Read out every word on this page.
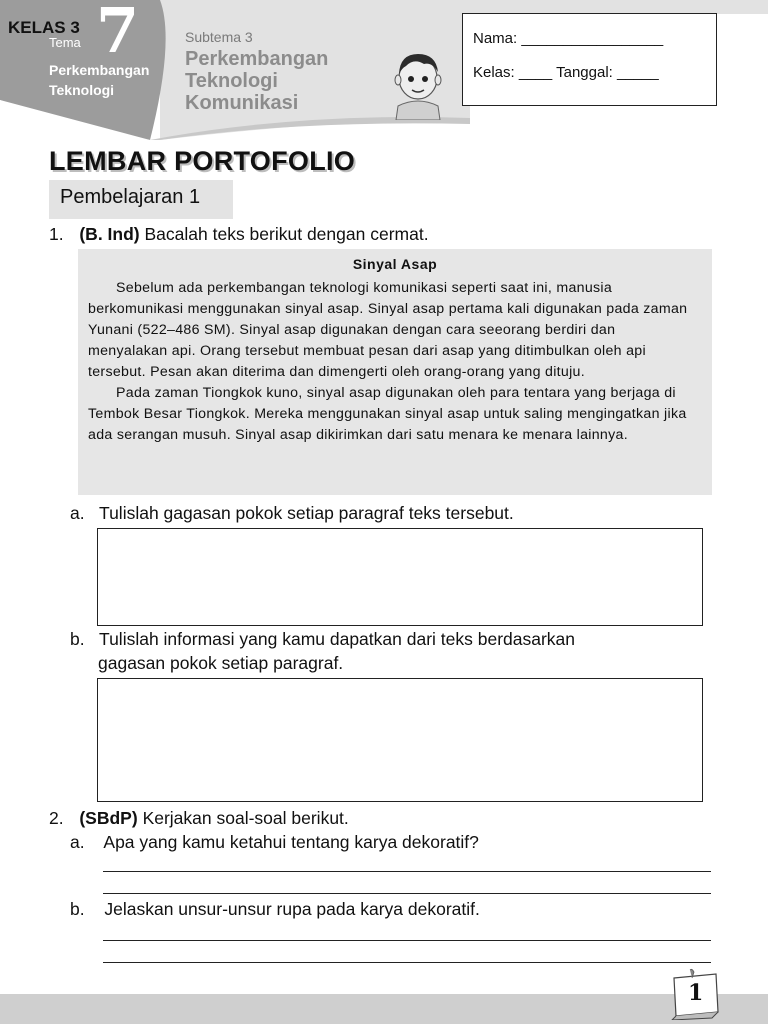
KELAS 3
Tema 7
Perkembangan Teknologi
Subtema 3
Perkembangan Teknologi Komunikasi
Nama: _________________
Kelas: ____ Tanggal: _____
LEMBAR PORTOFOLIO
Pembelajaran 1
1. (B. Ind) Bacalah teks berikut dengan cermat.
Sinyal Asap

Sebelum ada perkembangan teknologi komunikasi seperti saat ini, manusia berkomunikasi menggunakan sinyal asap. Sinyal asap pertama kali digunakan pada zaman Yunani (522–486 SM). Sinyal asap digunakan dengan cara seeorang berdiri dan menyalakan api. Orang tersebut membuat pesan dari asap yang ditimbulkan oleh api tersebut. Pesan akan diterima dan dimengerti oleh orang-orang yang dituju.

Pada zaman Tiongkok kuno, sinyal asap digunakan oleh para tentara yang berjaga di Tembok Besar Tiongkok. Mereka menggunakan sinyal asap untuk saling mengingatkan jika ada serangan musuh. Sinyal asap dikirimkan dari satu menara ke menara lainnya.

a. Tulislah gagasan pokok setiap paragraf teks tersebut.
b. Tulislah informasi yang kamu dapatkan dari teks berdasarkan
gagasan pokok setiap paragraf.
2. (SBdP) Kerjakan soal-soal berikut.
a. Apa yang kamu ketahui tentang karya dekoratif?
b. Jelaskan unsur-unsur rupa pada karya dekoratif.
1
